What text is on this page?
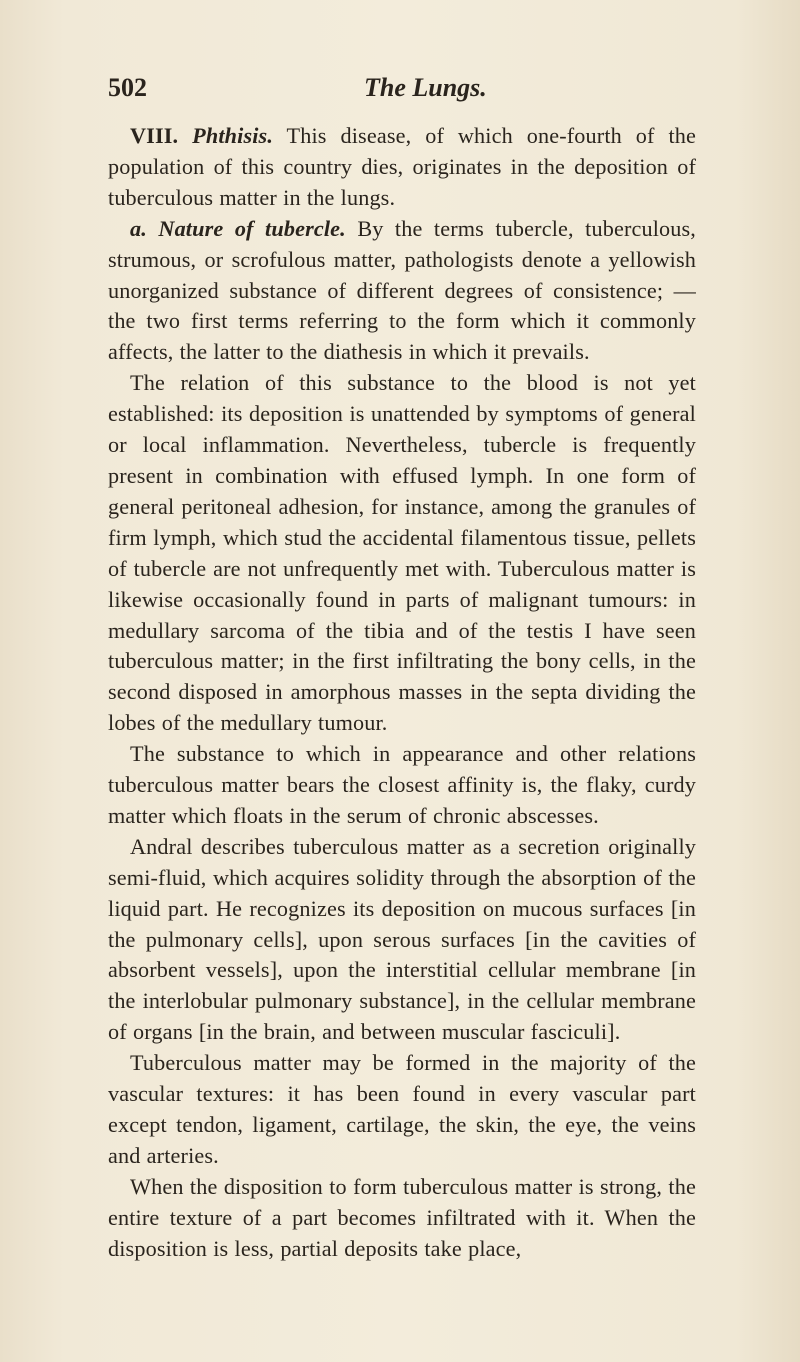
502	The Lungs.

VIII. Phthisis. This disease, of which one-fourth of the population of this country dies, originates in the deposition of tuberculous matter in the lungs.

a. Nature of tubercle. By the terms tubercle, tuberculous, strumous, or scrofulous matter, pathologists denote a yellowish unorganized substance of different degrees of consistence; — the two first terms referring to the form which it commonly affects, the latter to the diathesis in which it prevails.

The relation of this substance to the blood is not yet established: its deposition is unattended by symptoms of general or local inflammation. Nevertheless, tubercle is frequently present in combination with effused lymph. In one form of general peritoneal adhesion, for instance, among the granules of firm lymph, which stud the accidental filamentous tissue, pellets of tubercle are not unfrequently met with. Tuberculous matter is likewise occasionally found in parts of malignant tumours: in medullary sarcoma of the tibia and of the testis I have seen tuberculous matter; in the first infiltrating the bony cells, in the second disposed in amorphous masses in the septa dividing the lobes of the medullary tumour.

The substance to which in appearance and other relations tuberculous matter bears the closest affinity is, the flaky, curdy matter which floats in the serum of chronic abscesses.

Andral describes tuberculous matter as a secretion originally semi-fluid, which acquires solidity through the absorption of the liquid part. He recognizes its deposition on mucous surfaces [in the pulmonary cells], upon serous surfaces [in the cavities of absorbent vessels], upon the interstitial cellular membrane [in the interlobular pulmonary substance], in the cellular membrane of organs [in the brain, and between muscular fasciculi].

Tuberculous matter may be formed in the majority of the vascular textures: it has been found in every vascular part except tendon, ligament, cartilage, the skin, the eye, the veins and arteries.

When the disposition to form tuberculous matter is strong, the entire texture of a part becomes infiltrated with it. When the disposition is less, partial deposits take place,
